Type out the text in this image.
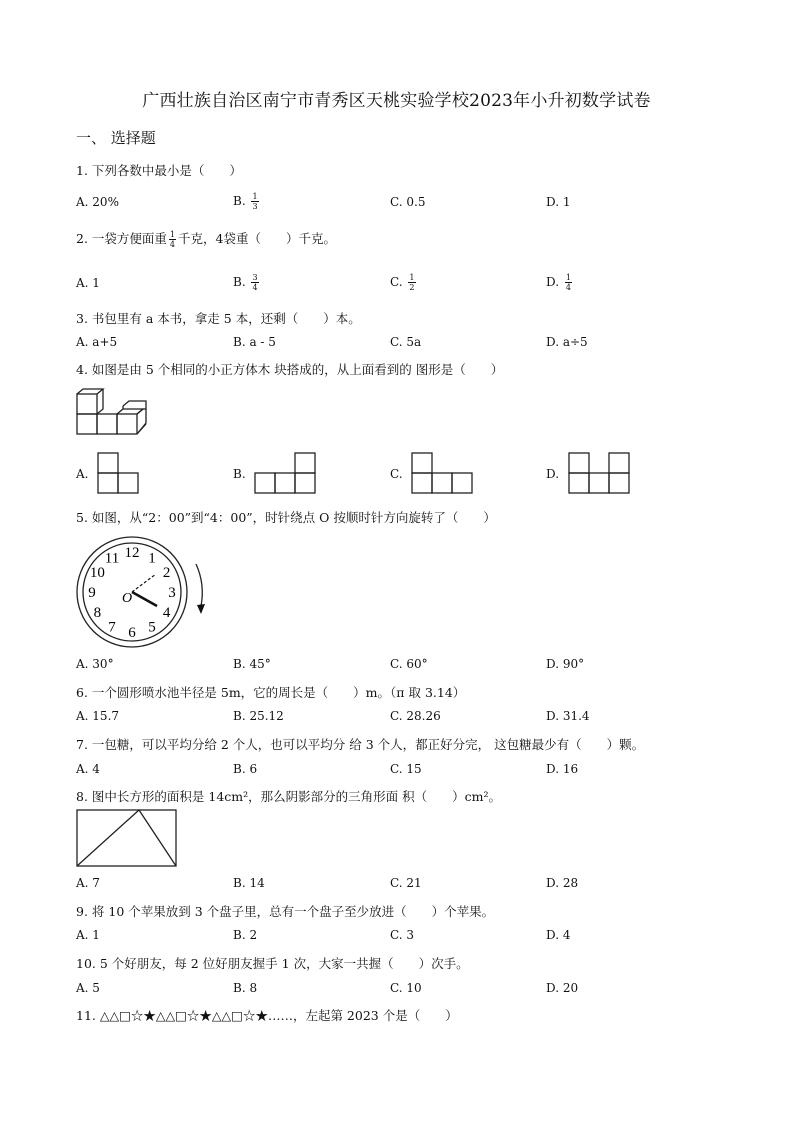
广西壮族自治区南宁市青秀区天桃实验学校2023年小升初数学试卷
一、 选择题
1. 下列各数中最小是（　　）
A. 20%	B. $\frac{1}{3}$	C. 0.5	D. 1
2. 一袋方便面重 $\frac{1}{4}$ 千克，4袋重（　　）千克。
A. 1	B. $\frac{3}{4}$	C. $\frac{1}{2}$	D. $\frac{1}{4}$
3. 书包里有 a 本书，拿走 5 本，还剩（　　）本。
A. a+5	B. a - 5	C. 5a	D. a÷5
4. 如图是由 5 个相同的小正方体木 块搭成的，从上面看到的 图形是（　　）
A.	B.	C.	D.
5. 如图，从“2：00”到“4：00”，时针绕点 O 按顺时针方向旋转了（　　）
12 1
2
3
4
5
6
7
8
9
10
11
O
A. 30°	B. 45°	C. 60°	D. 90°
6. 一个圆形喷水池半径是 5m，它的周长是（　　）m。（π 取 3.14）
A. 15.7	B. 25.12	C. 28.26	D. 31.4
7. 一包糖，可以平均分给 2 个人，也可以平均分 给 3 个人，都正好分完， 这包糖最少有（　　）颗。
A. 4	B. 6	C. 15	D. 16
8. 图中长方形的面积是 14cm²，那么阴影部分的三角形面 积（　　）cm²。
A. 7	B. 14	C. 21	D. 28
9. 将 10 个苹果放到 3 个盘子里，总有一个盘子至少放进（　　）个苹果。
A. 1	B. 2	C. 3	D. 4
10. 5 个好朋友，每 2 位好朋友握手 1 次，大家一共握（　　）次手。
A. 5	B. 8	C. 10	D. 20
11. △△□☆★△△□☆★△△□☆★……，左起第 2023 个是（　　）
